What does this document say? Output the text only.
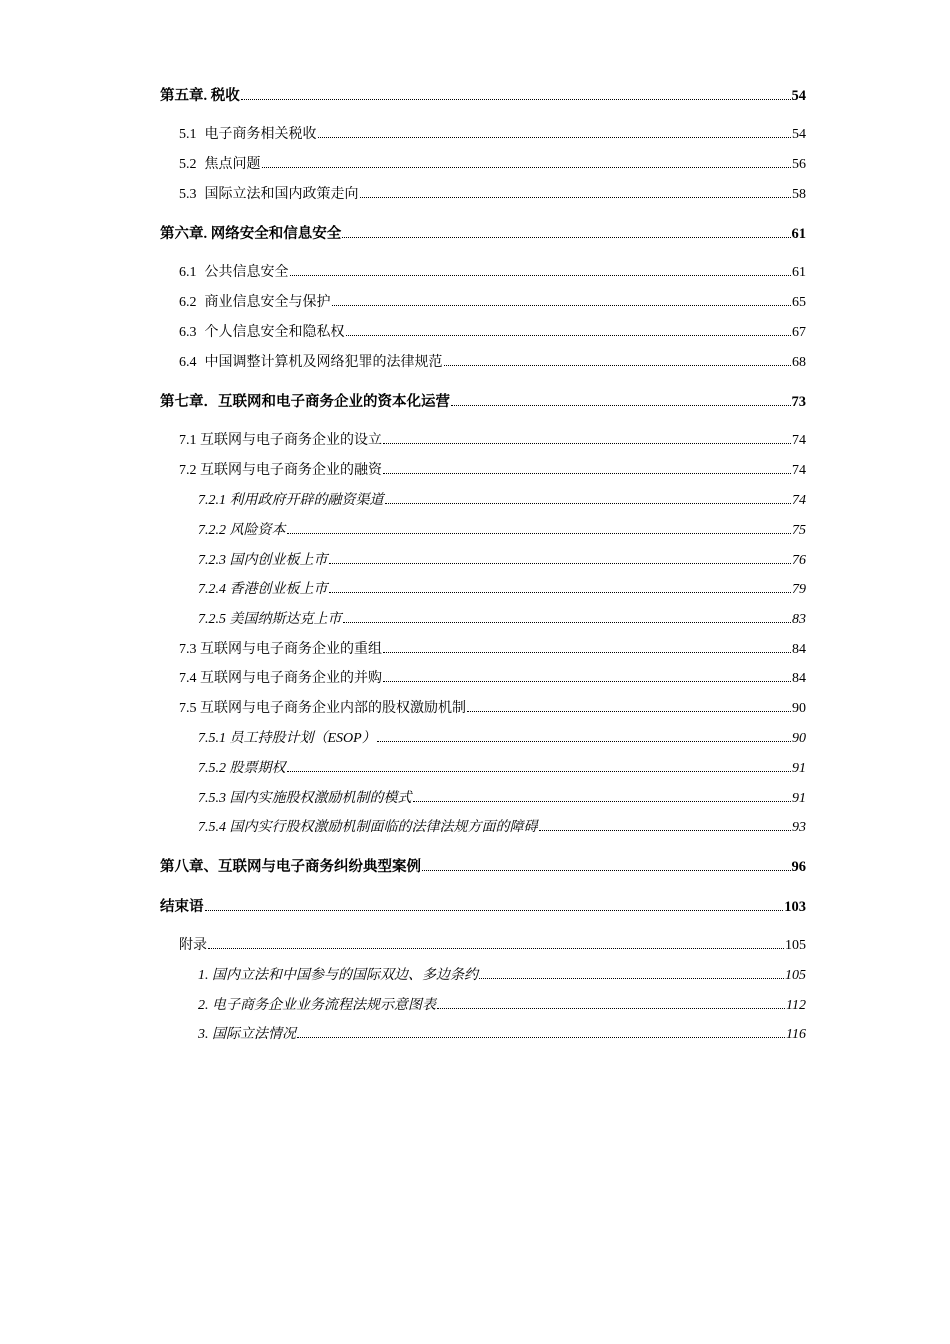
第五章. 税收	54
5.1 电子商务相关税收	54
5.2 焦点问题	56
5.3 国际立法和国内政策走向	58
第六章. 网络安全和信息安全	61
6.1 公共信息安全	61
6.2 商业信息安全与保护	65
6.3 个人信息安全和隐私权	67
6.4 中国调整计算机及网络犯罪的法律规范	68
第七章．互联网和电子商务企业的资本化运营	73
7.1 互联网与电子商务企业的设立	74
7.2 互联网与电子商务企业的融资	74
7.2.1 利用政府开辟的融资渠道	74
7.2.2 风险资本	75
7.2.3 国内创业板上市	76
7.2.4 香港创业板上市	79
7.2.5 美国纳斯达克上市	83
7.3 互联网与电子商务企业的重组	84
7.4 互联网与电子商务企业的并购	84
7.5 互联网与电子商务企业内部的股权激励机制	90
7.5.1 员工持股计划（ESOP）	90
7.5.2 股票期权	91
7.5.3 国内实施股权激励机制的模式	91
7.5.4 国内实行股权激励机制面临的法律法规方面的障碍	93
第八章、互联网与电子商务纠纷典型案例	96
结束语	103
附录	105
1. 国内立法和中国参与的国际双边、多边条约	105
2. 电子商务企业业务流程法规示意图表	112
3. 国际立法情况	116
